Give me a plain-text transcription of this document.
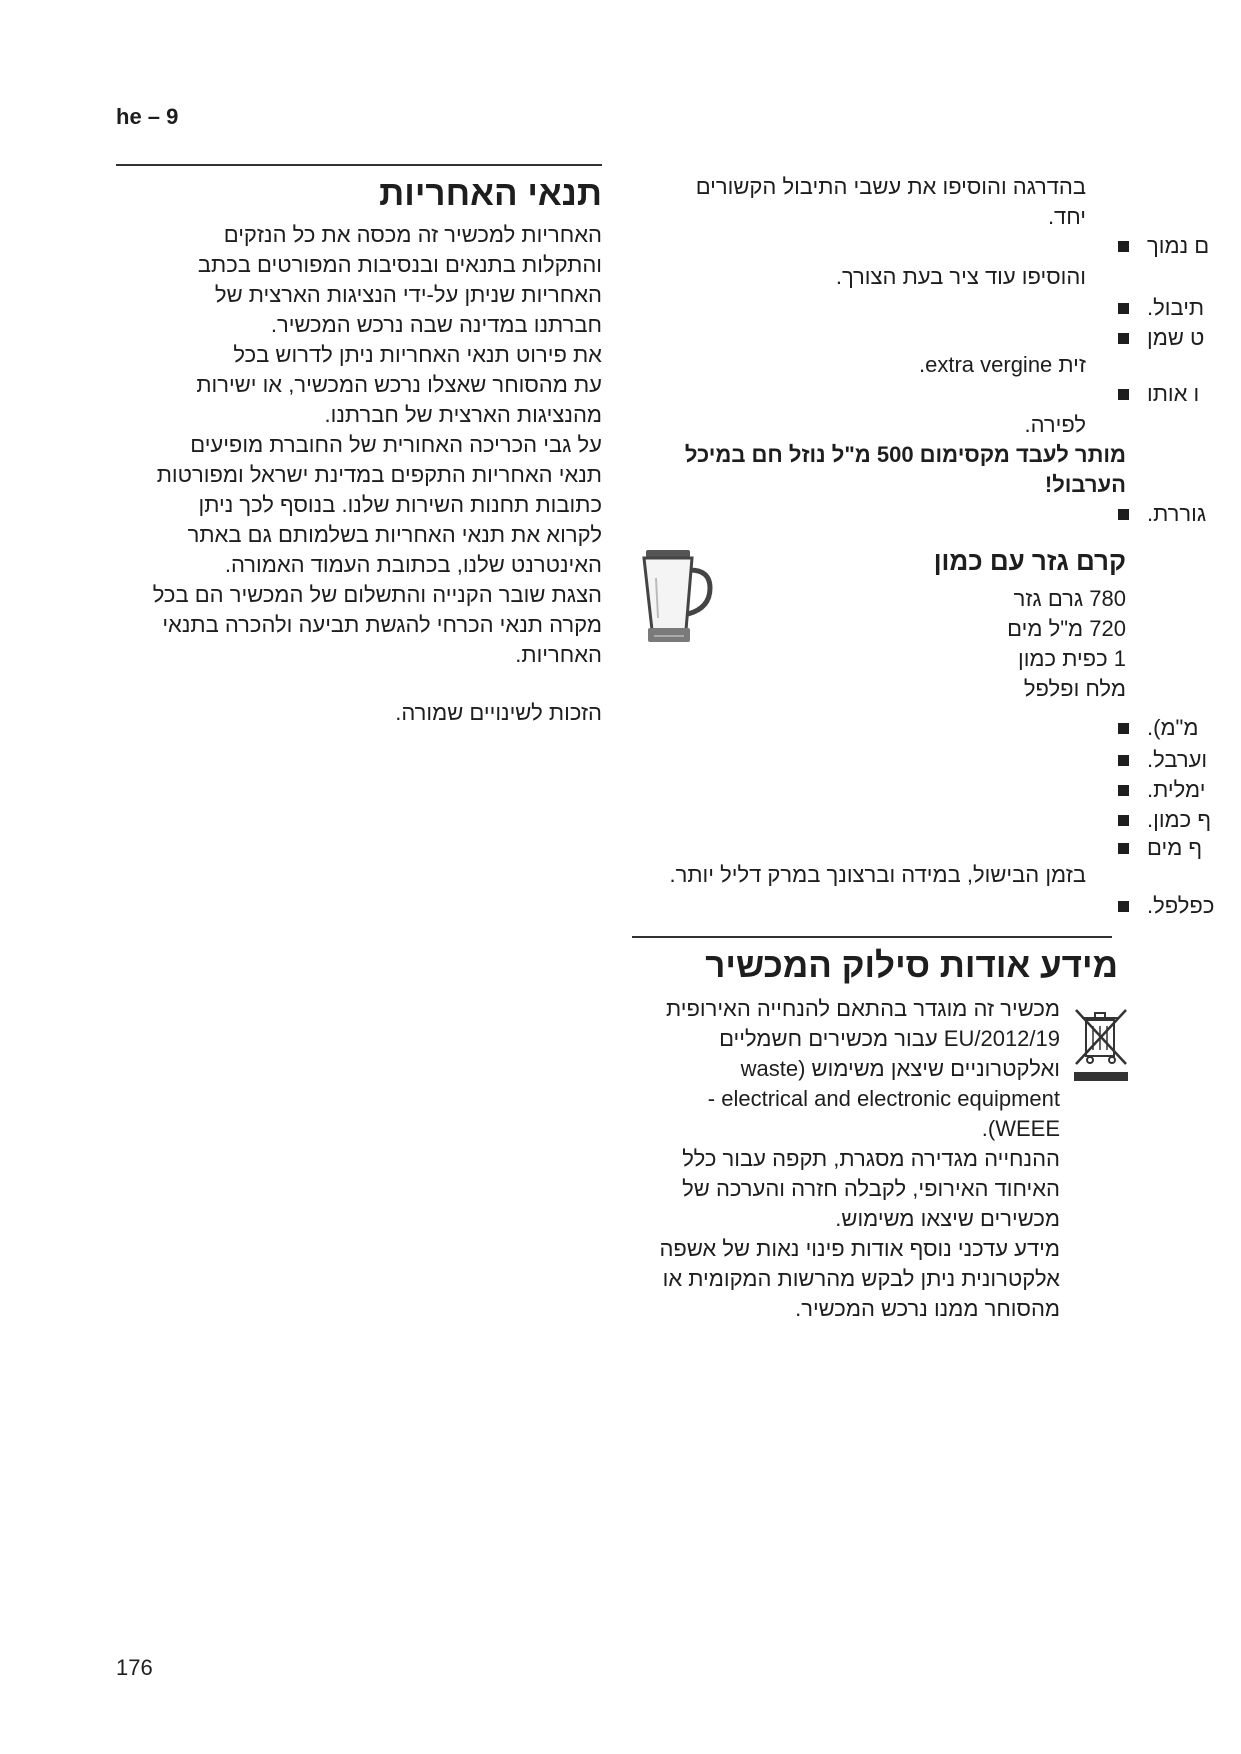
he – 9
תנאי האחריות

האחריות למכשיר זה מכסה את כל הנזקים

והתקלות בתנאים ובנסיבות המפורטים בכתב

האחריות שניתן על-ידי הנציגות הארצית של

חברתנו במדינה שבה נרכש המכשיר.

את פירוט תנאי האחריות ניתן לדרוש בכל

עת מהסוחר שאצלו נרכש המכשיר, או ישירות

מהנציגות הארצית של חברתנו.

על גבי הכריכה האחורית של החוברת מופיעים

תנאי האחריות התקפים במדינת ישראל ומפורטות

כתובות תחנות השירות שלנו. בנוסף לכך ניתן

לקרוא את תנאי האחריות בשלמותם גם באתר

האינטרנט שלנו, בכתובת העמוד האמורה.

הצגת שובר הקנייה והתשלום של המכשיר הם בכל

מקרה תנאי הכרחי להגשת תביעה ולהכרה בתנאי

האחריות.

הזכות לשינויים שמורה.

בהדרגה והוסיפו את עשבי התיבול הקשורים

יחד.

והוסיפו עוד ציר בעת הצורך.
זית extra vergine.
לפירה.

מותר לעבד מקסימום 500 מ"ל נוזל חם במיכל

הערבול!

קרם גזר עם כמון

780 גרם גזר

720 מ"ל מים

1 כפית כמון

מלח ופלפל

בזמן הבישול, במידה וברצונך במרק דליל יותר.
ם נמוך
תיבול.
ט שמן
ו אותו
גוררת.
מ"מ).
וערבל.
ימלית.
ף כמון.
ף מים
כפלפל.
מידע אודות סילוק המכשיר

מכשיר זה מוגדר בהתאם להנחייה האירופית

EU/2012/19 עבור מכשירים חשמליים

ואלקטרוניים שיצאן משימוש (waste

electrical and electronic equipment -

WEEE).

ההנחייה מגדירה מסגרת, תקפה עבור כלל

האיחוד האירופי, לקבלה חזרה והערכה של

מכשירים שיצאו משימוש.

מידע עדכני נוסף אודות פינוי נאות של אשפה

אלקטרונית ניתן לבקש מהרשות המקומית או

מהסוחר ממנו נרכש המכשיר.

176
